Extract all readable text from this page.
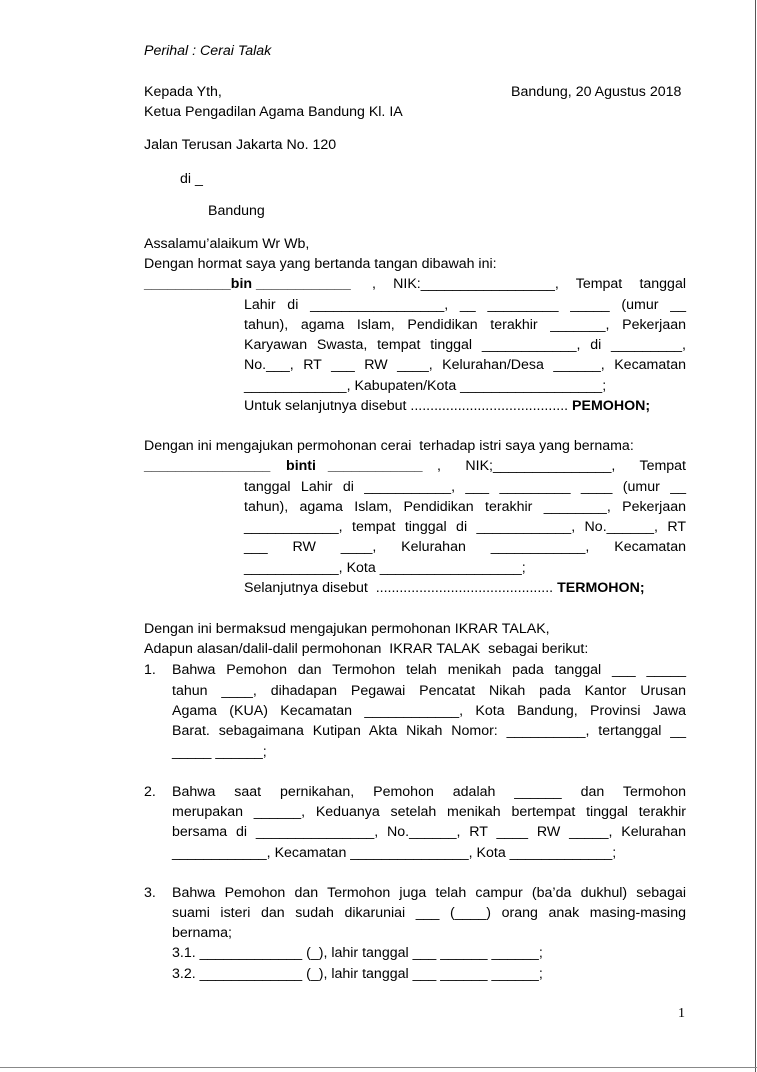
Perihal : Cerai Talak
Kepada Yth,	Bandung, 20 Agustus 2018
Ketua Pengadilan Agama Bandung Kl. IA
Jalan Terusan Jakarta No. 120
di _
Bandung
Assalamu’alaikum Wr Wb,
Dengan hormat saya yang bertanda tangan dibawah ini:
___________bin ____________ , NIK:_________________, Tempat tanggal
Lahir di _________________, __ _________ _____ (umur __
tahun), agama Islam, Pendidikan terakhir _______, Pekerjaan
Karyawan Swasta, tempat tinggal ____________, di _________,
No.___, RT ___ RW ____, Kelurahan/Desa ______, Kecamatan
_____________, Kabupaten/Kota __________________;
Untuk selanjutnya disebut ........................................ PEMOHON;
Dengan ini mengajukan permohonan cerai  terhadap istri saya yang bernama:
________________ binti ____________ , NIK;_______________, Tempat
tanggal Lahir di ___________, ___ _________ ____ (umur __
tahun), agama Islam, Pendidikan terakhir ________, Pekerjaan
____________, tempat tinggal di ____________, No.______, RT
___ RW ____, Kelurahan ____________, Kecamatan
____________, Kota __________________;
Selanjutnya disebut  ............................................. TERMOHON;
Dengan ini bermaksud mengajukan permohonan IKRAR TALAK,
Adapun alasan/dalil-dalil permohonan  IKRAR TALAK  sebagai berikut:
1. Bahwa Pemohon dan Termohon telah menikah pada tanggal ___ _____
tahun ____, dihadapan Pegawai Pencatat Nikah pada Kantor Urusan
Agama (KUA) Kecamatan ____________, Kota Bandung, Provinsi Jawa
Barat. sebagaimana Kutipan Akta Nikah Nomor: __________, tertanggal __
_____ ______;
2. Bahwa saat pernikahan, Pemohon adalah ______ dan Termohon
merupakan ______, Keduanya setelah menikah bertempat tinggal terakhir
bersama di _______________, No.______, RT ____ RW _____, Kelurahan
____________, Kecamatan _______________, Kota _____________;
3. Bahwa Pemohon dan Termohon juga telah campur (ba’da dukhul) sebagai
suami isteri dan sudah dikaruniai ___ (____) orang anak masing-masing
bernama;
3.1. _____________ (_), lahir tanggal ___ ______ ______;
3.2. _____________ (_), lahir tanggal ___ ______ ______;
1
